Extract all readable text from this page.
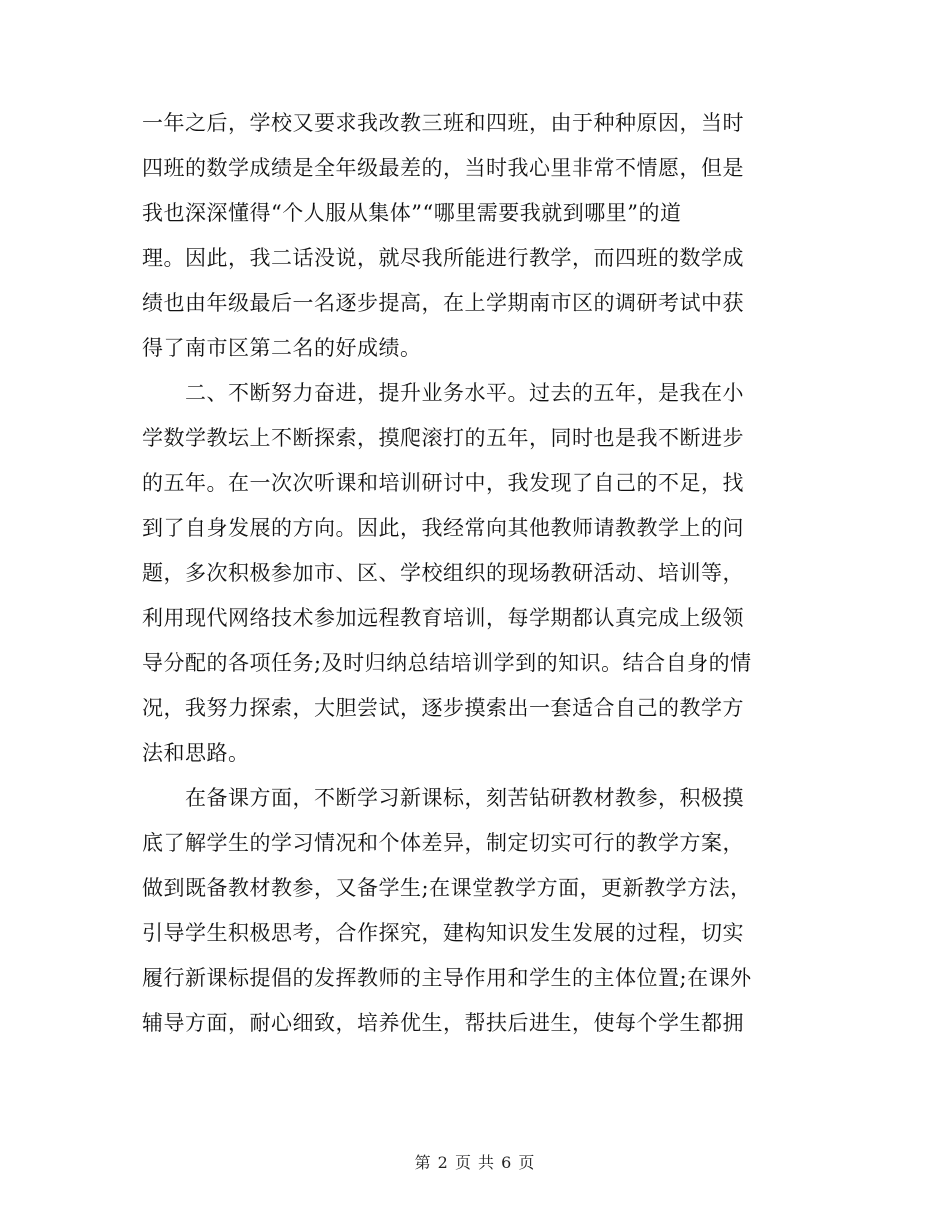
一年之后，学校又要求我改教三班和四班，由于种种原因，当时
四班的数学成绩是全年级最差的，当时我心里非常不情愿，但是
我也深深懂得“个人服从集体”“哪里需要我就到哪里”的道
理。因此，我二话没说，就尽我所能进行教学，而四班的数学成
绩也由年级最后一名逐步提高，在上学期南市区的调研考试中获
得了南市区第二名的好成绩。
　　二、不断努力奋进，提升业务水平。过去的五年，是我在小
学数学教坛上不断探索，摸爬滚打的五年，同时也是我不断进步
的五年。在一次次听课和培训研讨中，我发现了自己的不足，找
到了自身发展的方向。因此，我经常向其他教师请教教学上的问
题，多次积极参加市、区、学校组织的现场教研活动、培训等，
利用现代网络技术参加远程教育培训，每学期都认真完成上级领
导分配的各项任务;及时归纳总结培训学到的知识。结合自身的情
况，我努力探索，大胆尝试，逐步摸索出一套适合自己的教学方
法和思路。
　　在备课方面，不断学习新课标，刻苦钻研教材教参，积极摸
底了解学生的学习情况和个体差异，制定切实可行的教学方案，
做到既备教材教参，又备学生;在课堂教学方面，更新教学方法，
引导学生积极思考，合作探究，建构知识发生发展的过程，切实
履行新课标提倡的发挥教师的主导作用和学生的主体位置;在课外
辅导方面，耐心细致，培养优生，帮扶后进生，使每个学生都拥
第 2 页 共 6 页
